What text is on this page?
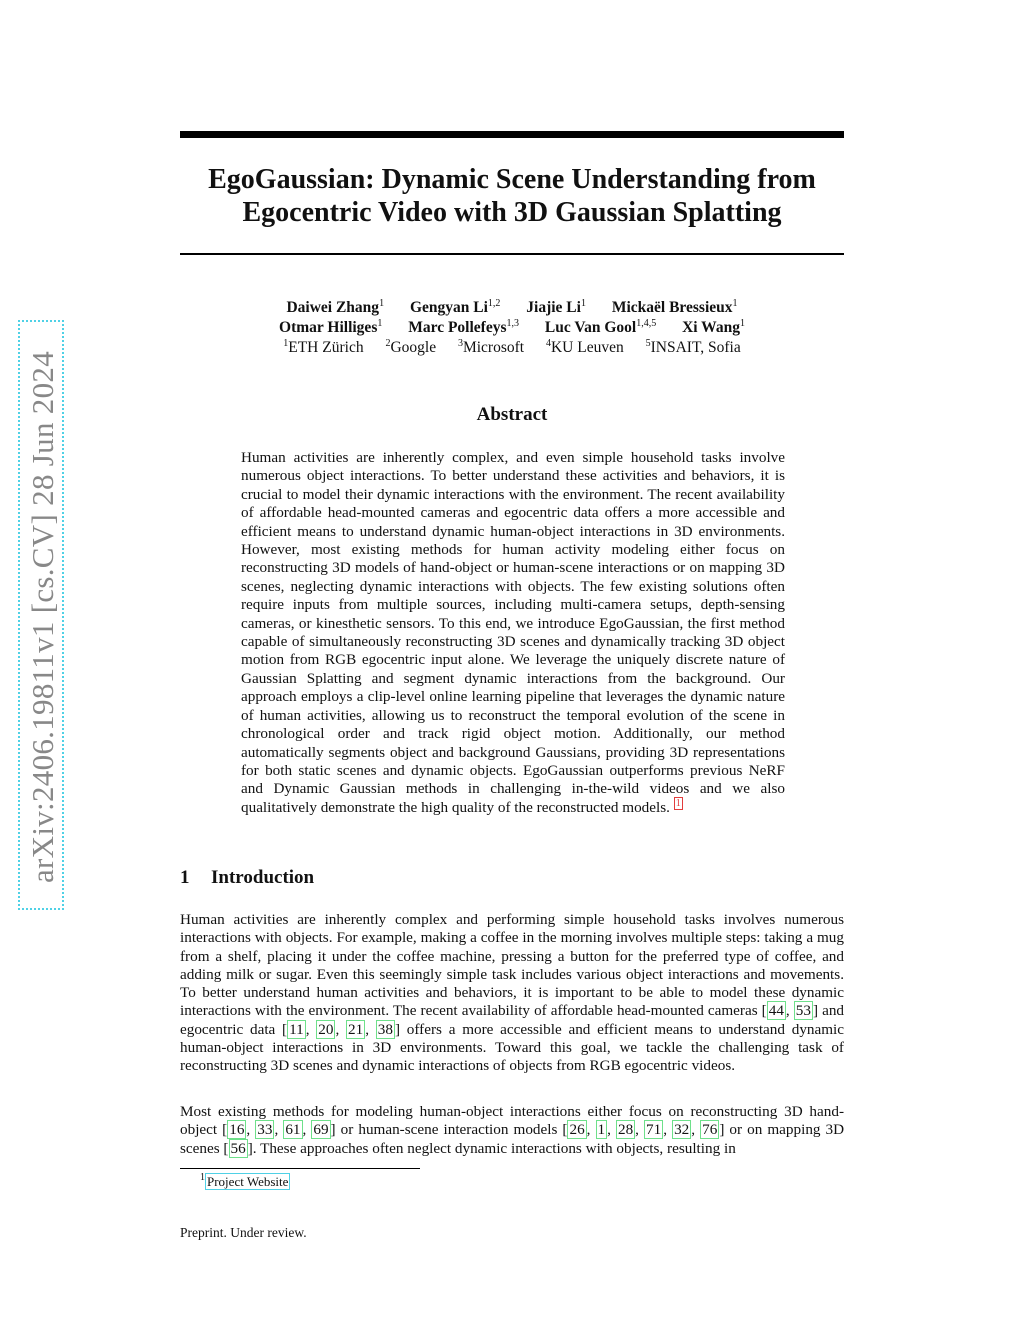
arXiv:2406.19811v1 [cs.CV] 28 Jun 2024
EgoGaussian: Dynamic Scene Understanding from
Egocentric Video with 3D Gaussian Splatting
Daiwei Zhang$^1$ Gengyan Li$^{1,2}$ Jiajie Li$^1$ Mickaël Bressieux$^1$
Otmar Hilliges$^1$ Marc Pollefeys$^{1,3}$ Luc Van Gool$^{1,4,5}$ Xi Wang$^1$
$^1$ETH Zürich $^2$Google $^3$Microsoft $^4$KU Leuven $^5$INSAIT, Sofia
Abstract

Human activities are inherently complex, and even simple household tasks involve numerous object interactions. To better understand these activities and behaviors, it is crucial to model their dynamic interactions with the environment. The recent availability of affordable head-mounted cameras and egocentric data offers a more accessible and efficient means to understand dynamic human-object interactions in 3D environments. However, most existing methods for human activity modeling either focus on reconstructing 3D models of hand-object or human-scene interactions or on mapping 3D scenes, neglecting dynamic interactions with objects. The few existing solutions often require inputs from multiple sources, including multi-camera setups, depth-sensing cameras, or kinesthetic sensors. To this end, we introduce EgoGaussian, the first method capable of simultaneously reconstructing 3D scenes and dynamically tracking 3D object motion from RGB egocentric input alone. We leverage the uniquely discrete nature of Gaussian Splatting and segment dynamic interactions from the background. Our approach employs a clip-level online learning pipeline that leverages the dynamic nature of human activities, allowing us to reconstruct the temporal evolution of the scene in chronological order and track rigid object motion. Additionally, our method automatically segments object and background Gaussians, providing 3D representations for both static scenes and dynamic objects. EgoGaussian outperforms previous NeRF and Dynamic Gaussian methods in challenging in-the-wild videos and we also qualitatively demonstrate the high quality of the reconstructed models. $^1$

1 Introduction

Human activities are inherently complex and performing simple household tasks involves numerous interactions with objects. For example, making a coffee in the morning involves multiple steps: taking a mug from a shelf, placing it under the coffee machine, pressing a button for the preferred type of coffee, and adding milk or sugar. Even this seemingly simple task includes various object interactions and movements. To better understand human activities and behaviors, it is important to be able to model these dynamic interactions with the environment. The recent availability of affordable head-mounted cameras [ 44 , 53 ] and egocentric data [ 11 , 20 , 21 , 38 ] offers a more accessible and efficient means to understand dynamic human-object interactions in 3D environments. Toward this goal, we tackle the challenging task of reconstructing 3D scenes and dynamic interactions of objects from RGB egocentric videos.

Most existing methods for modeling human-object interactions either focus on reconstructing 3D hand-object [ 16 , 33 , 61 , 69 ] or human-scene interaction models [ 26 , 1 , 28 , 71 , 32 , 76 ] or on mapping 3D scenes [ 56 ]. These approaches often neglect dynamic interactions with objects, resulting in

$^1$ Project Website
Preprint. Under review.
